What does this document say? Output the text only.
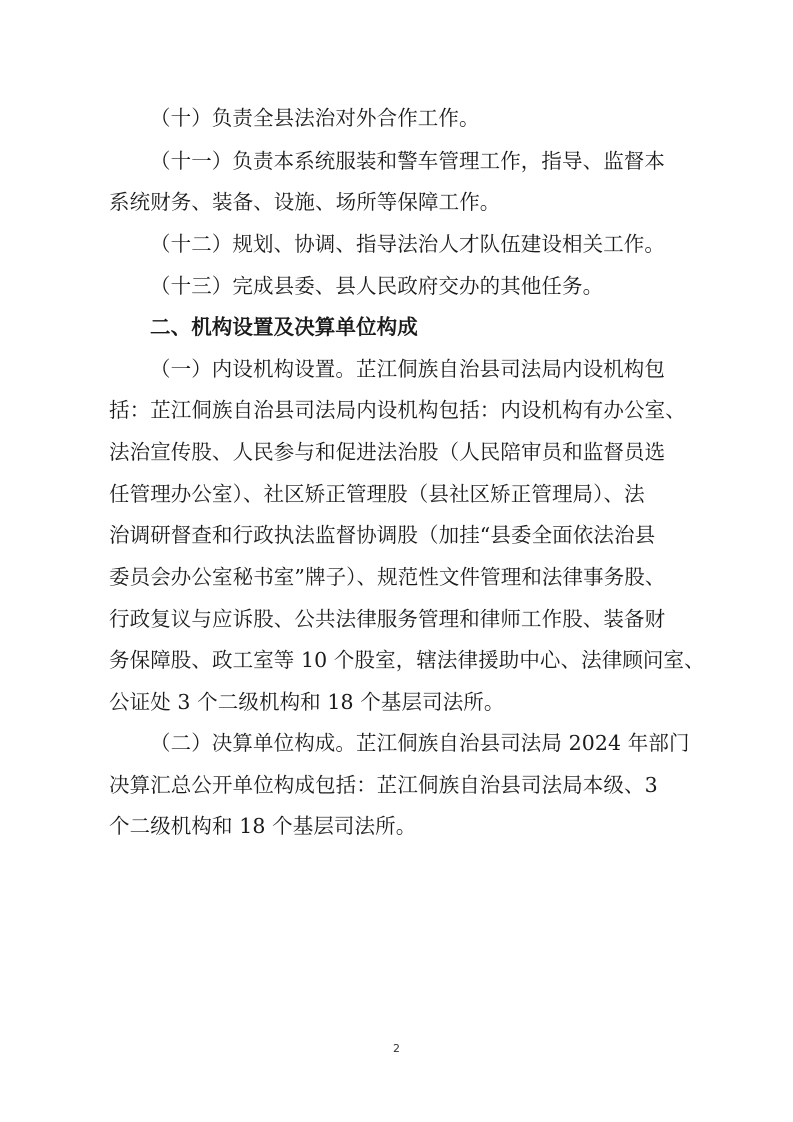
（十）负责全县法治对外合作工作。
（十一）负责本系统服装和警车管理工作，指导、监督本
系统财务、装备、设施、场所等保障工作。
（十二）规划、协调、指导法治人才队伍建设相关工作。
（十三）完成县委、县人民政府交办的其他任务。
二、机构设置及决算单位构成
（一）内设机构设置。芷江侗族自治县司法局内设机构包
括：芷江侗族自治县司法局内设机构包括：内设机构有办公室、
法治宣传股、人民参与和促进法治股（人民陪审员和监督员选
任管理办公室）、社区矫正管理股（县社区矫正管理局）、法
治调研督查和行政执法监督协调股（加挂“县委全面依法治县
委员会办公室秘书室”牌子）、规范性文件管理和法律事务股、
行政复议与应诉股、公共法律服务管理和律师工作股、装备财
务保障股、政工室等 10 个股室，辖法律援助中心、法律顾问室、
公证处 3 个二级机构和 18 个基层司法所。
（二）决算单位构成。芷江侗族自治县司法局 2024 年部门
决算汇总公开单位构成包括：芷江侗族自治县司法局本级、3
个二级机构和 18 个基层司法所。
2
